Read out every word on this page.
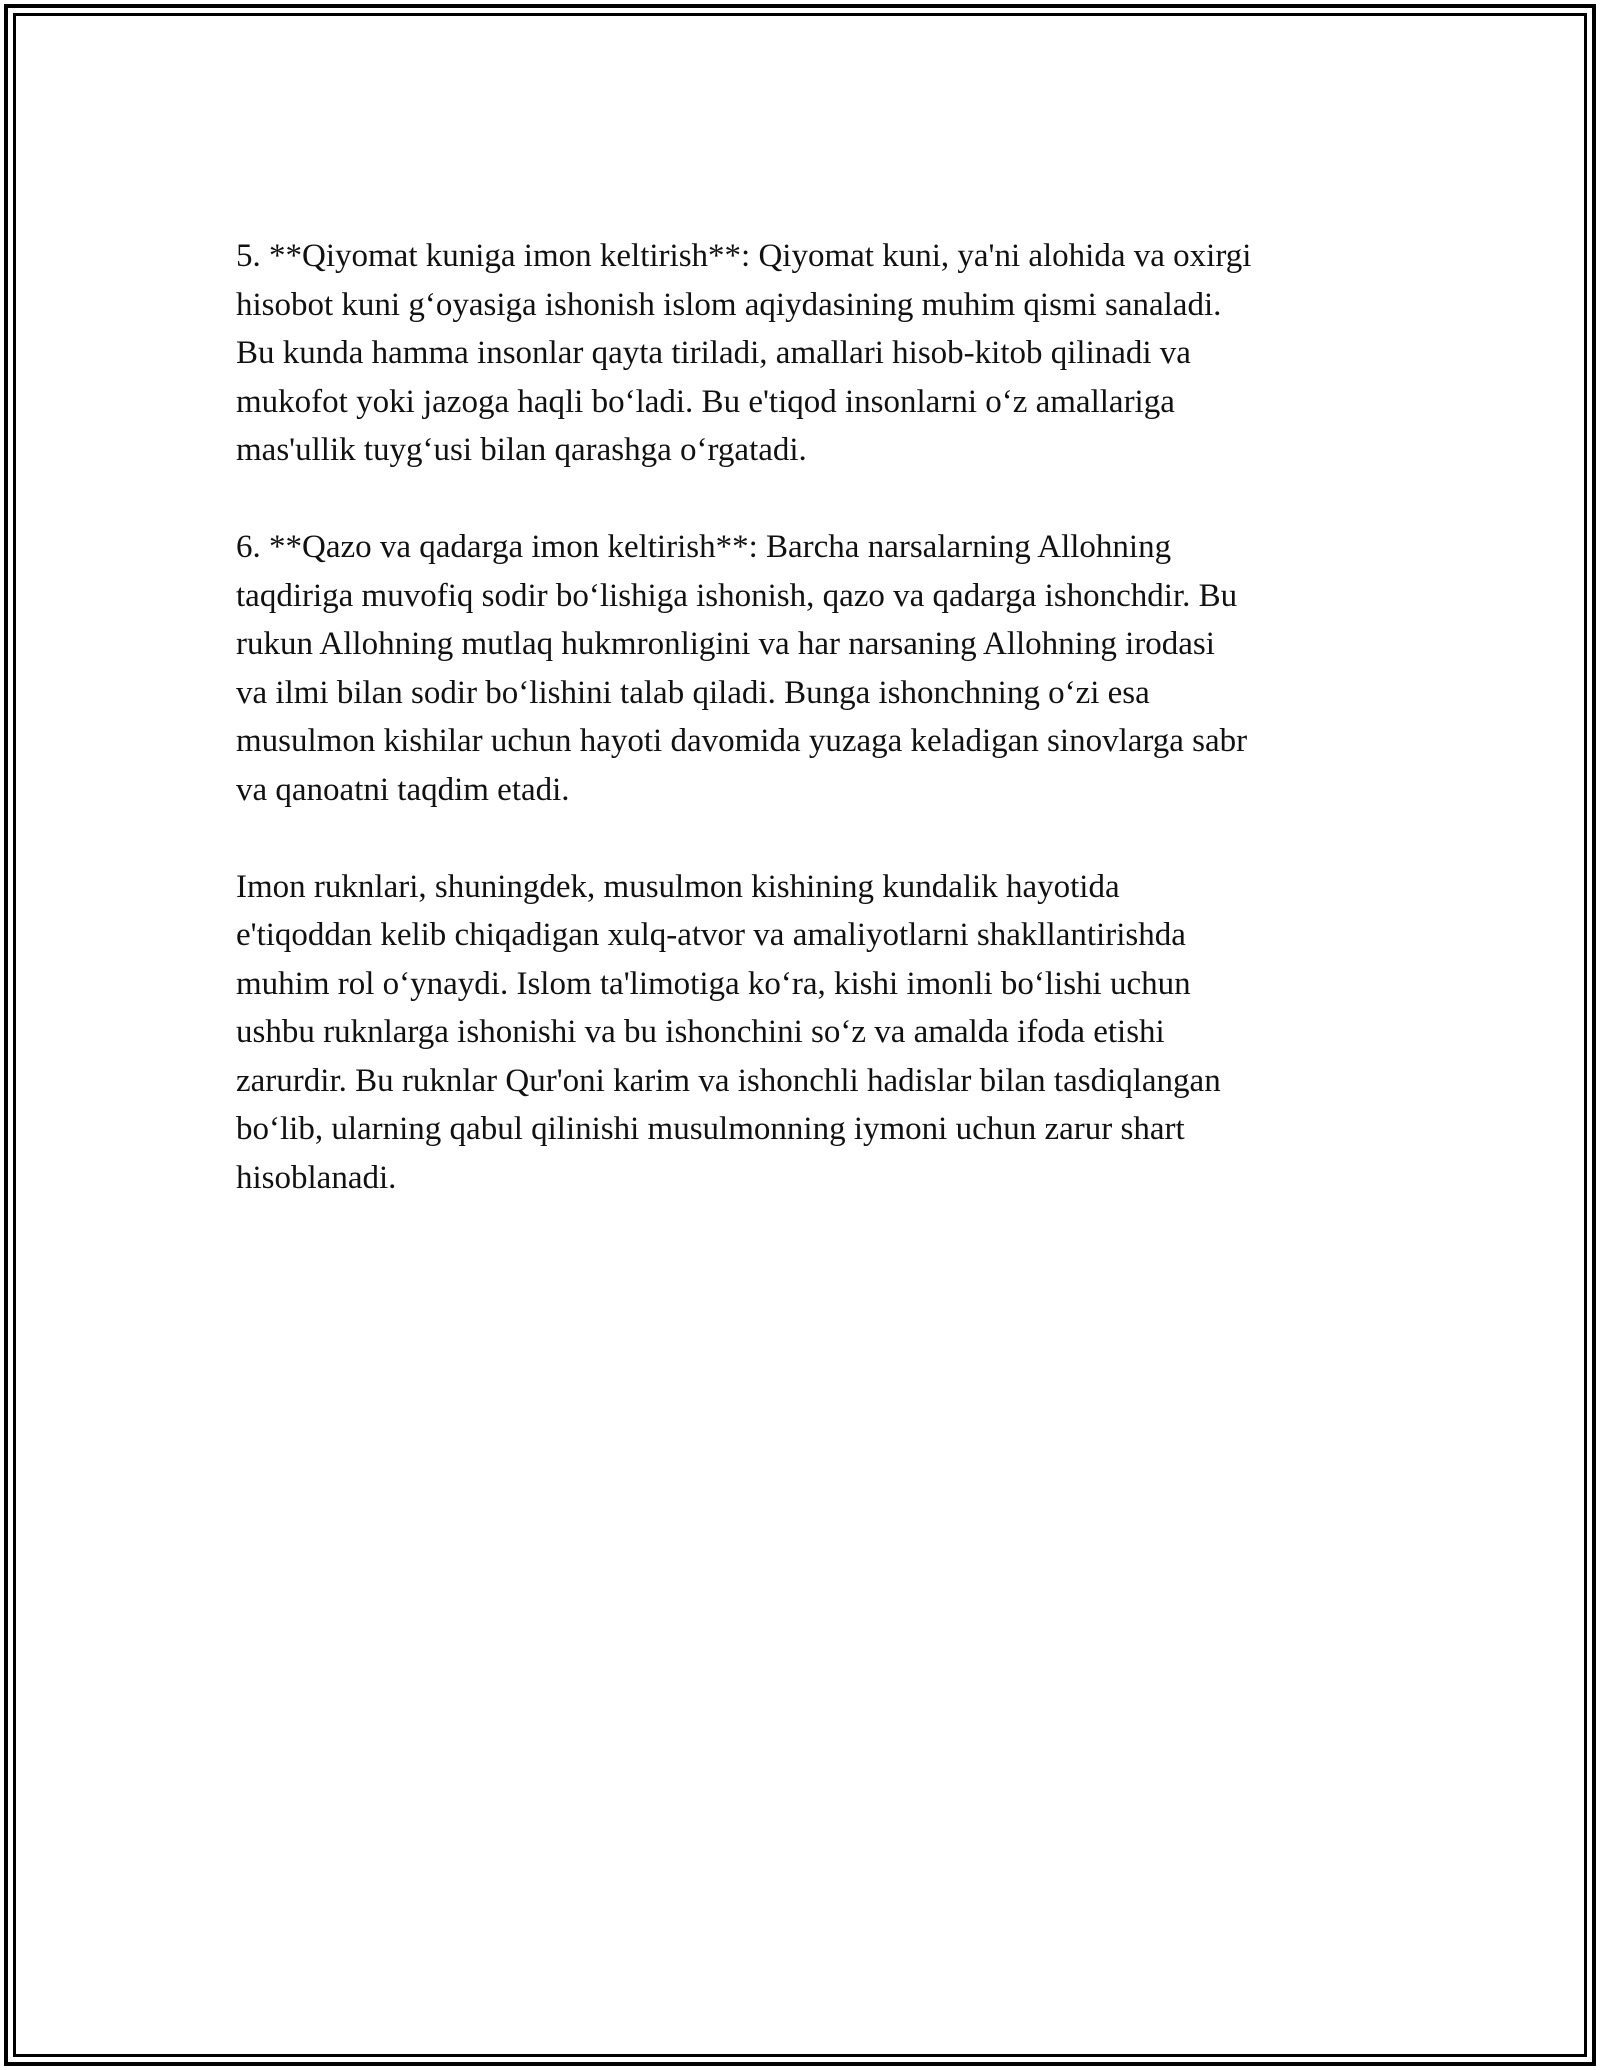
5. **Qiyomat kuniga imon keltirish**: Qiyomat kuni, ya'ni alohida va oxirgi
hisobot kuni g‘oyasiga ishonish islom aqiydasining muhim qismi sanaladi.
Bu kunda hamma insonlar qayta tiriladi, amallari hisob-kitob qilinadi va
mukofot yoki jazoga haqli bo‘ladi. Bu e'tiqod insonlarni o‘z amallariga
mas'ullik tuyg‘usi bilan qarashga o‘rgatadi.

6. **Qazo va qadarga imon keltirish**: Barcha narsalarning Allohning
taqdiriga muvofiq sodir bo‘lishiga ishonish, qazo va qadarga ishonchdir. Bu
rukun Allohning mutlaq hukmronligini va har narsaning Allohning irodasi
va ilmi bilan sodir bo‘lishini talab qiladi. Bunga ishonchning o‘zi esa
musulmon kishilar uchun hayoti davomida yuzaga keladigan sinovlarga sabr
va qanoatni taqdim etadi.

Imon ruknlari, shuningdek, musulmon kishining kundalik hayotida
e'tiqoddan kelib chiqadigan xulq-atvor va amaliyotlarni shakllantirishda
muhim rol o‘ynaydi. Islom ta'limotiga ko‘ra, kishi imonli bo‘lishi uchun
ushbu ruknlarga ishonishi va bu ishonchini so‘z va amalda ifoda etishi
zarurdir. Bu ruknlar Qur'oni karim va ishonchli hadislar bilan tasdiqlangan
bo‘lib, ularning qabul qilinishi musulmonning iymoni uchun zarur shart
hisoblanadi.
